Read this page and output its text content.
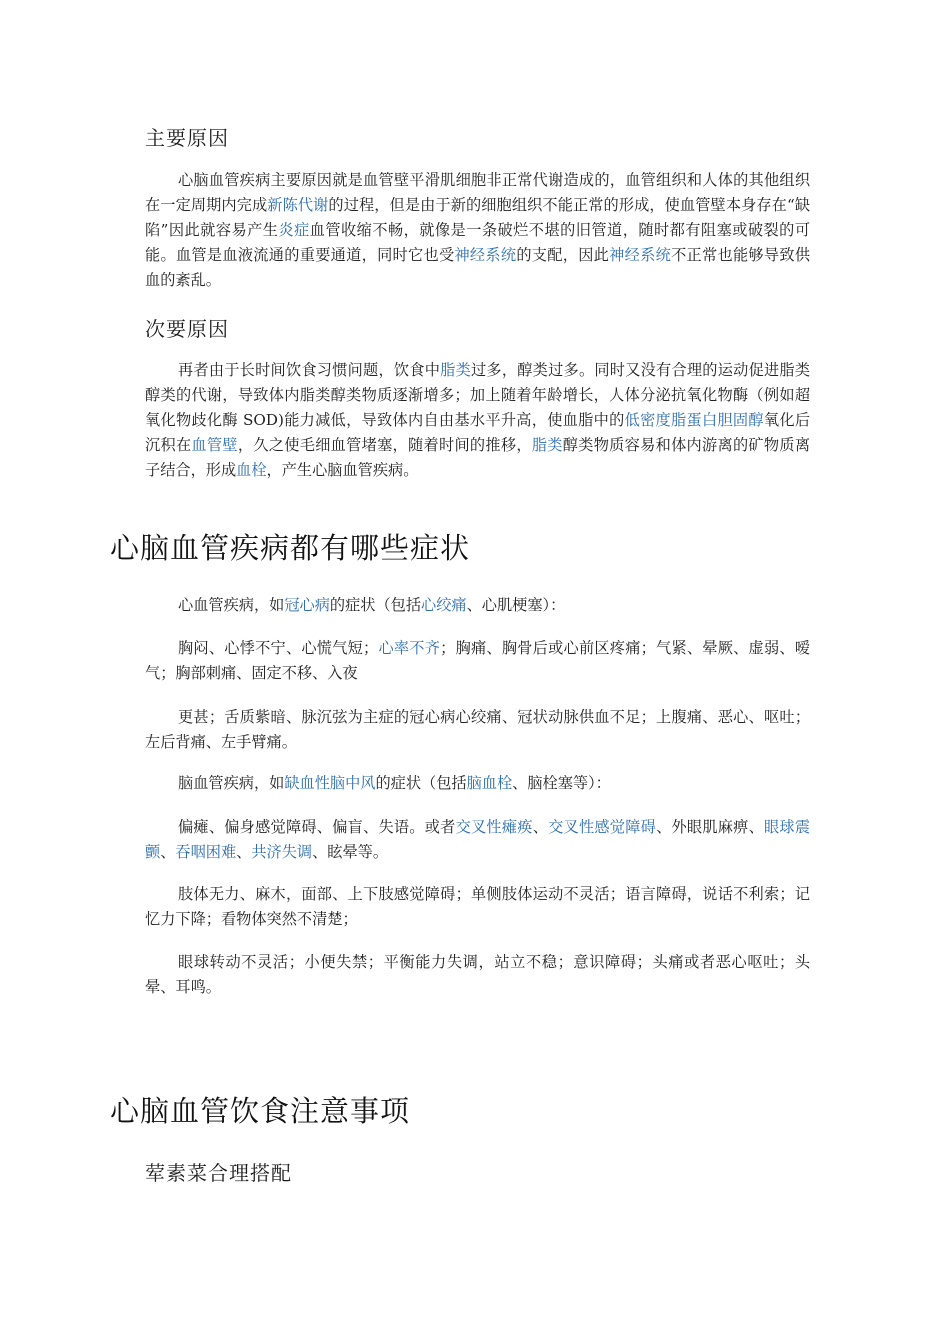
主要原因

心脑血管疾病主要原因就是血管壁平滑肌细胞非正常代谢造成的，血管组织和人体的其他组织在一定周期内完成新陈代谢的过程，但是由于新的细胞组织不能正常的形成，使血管壁本身存在“缺陷”因此就容易产生炎症血管收缩不畅，就像是一条破烂不堪的旧管道，随时都有阻塞或破裂的可能。血管是血液流通的重要通道，同时它也受神经系统的支配，因此神经系统不正常也能够导致供血的紊乱。

次要原因

再者由于长时间饮食习惯问题，饮食中脂类过多，醇类过多。同时又没有合理的运动促进脂类醇类的代谢，导致体内脂类醇类物质逐渐增多；加上随着年龄增长，人体分泌抗氧化物酶（例如超氧化物歧化酶 SOD)能力减低，导致体内自由基水平升高，使血脂中的低密度脂蛋白胆固醇氧化后沉积在血管壁，久之使毛细血管堵塞，随着时间的推移，脂类醇类物质容易和体内游离的矿物质离子结合，形成血栓，产生心脑血管疾病。

心脑血管疾病都有哪些症状

心血管疾病，如冠心病的症状（包括心绞痛、心肌梗塞）：

胸闷、心悸不宁、心慌气短；心率不齐；胸痛、胸骨后或心前区疼痛；气紧、晕厥、虚弱、嗳气；胸部刺痛、固定不移、入夜

更甚；舌质紫暗、脉沉弦为主症的冠心病心绞痛、冠状动脉供血不足；上腹痛、恶心、呕吐；左后背痛、左手臂痛。

脑血管疾病，如缺血性脑中风的症状（包括脑血栓、脑栓塞等）：

偏瘫、偏身感觉障碍、偏盲、失语。或者交叉性瘫痪、交叉性感觉障碍、外眼肌麻痹、眼球震颤、吞咽困难、共济失调、眩晕等。

肢体无力、麻木，面部、上下肢感觉障碍；单侧肢体运动不灵活；语言障碍，说话不利索；记忆力下降；看物体突然不清楚；

眼球转动不灵活；小便失禁；平衡能力失调，站立不稳；意识障碍；头痛或者恶心呕吐；头晕、耳鸣。

心脑血管饮食注意事项
荤素菜合理搭配
